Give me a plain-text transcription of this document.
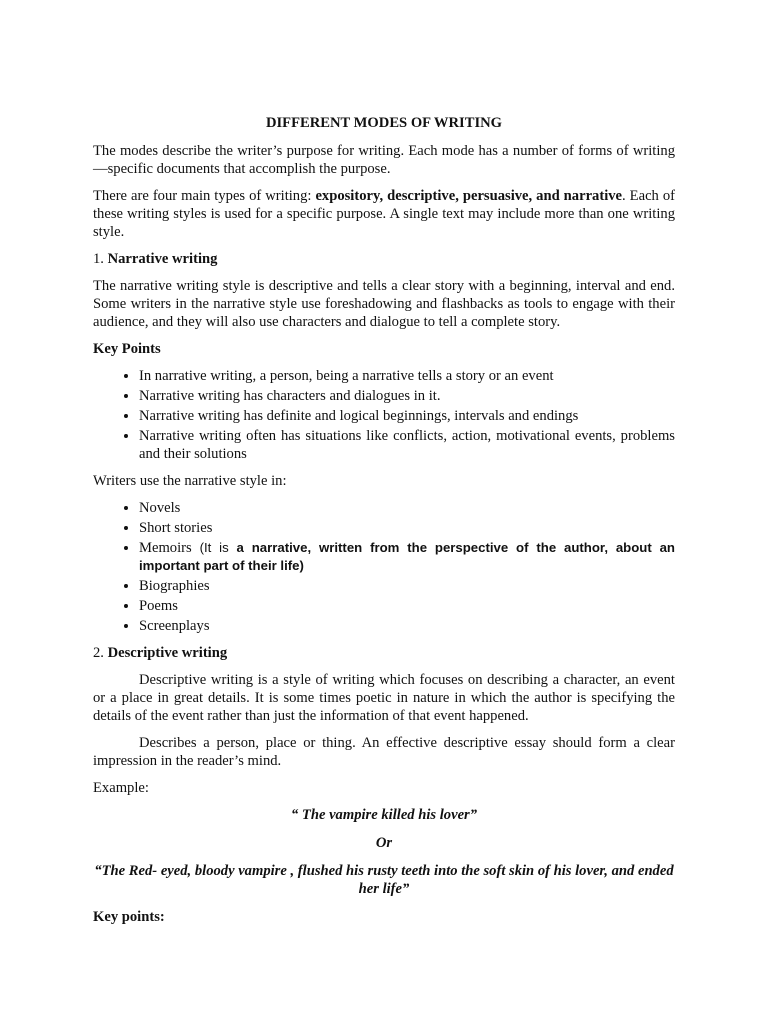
DIFFERENT MODES OF WRITING

The modes describe the writer’s purpose for writing. Each mode has a number of forms of writing—specific documents that accomplish the purpose.

There are four main types of writing: expository, descriptive, persuasive, and narrative. Each of these writing styles is used for a specific purpose. A single text may include more than one writing style.

1. Narrative writing

The narrative writing style is descriptive and tells a clear story with a beginning, interval and end. Some writers in the narrative style use foreshadowing and flashbacks as tools to engage with their audience, and they will also use characters and dialogue to tell a complete story.

Key Points
• In narrative writing, a person, being a narrative tells a story or an event
• Narrative writing has characters and dialogues in it.
• Narrative writing has definite and logical beginnings, intervals and endings
• Narrative writing often has situations like conflicts, action, motivational events, problems and their solutions

Writers use the narrative style in:

• Novels
• Short stories
• Memoirs (It is a narrative, written from the perspective of the author, about an important part of their life)
• Biographies
• Poems
• Screenplays
2. Descriptive writing

Descriptive writing is a style of writing which focuses on describing a character, an event or a place in great details. It is some times poetic in nature in which the author is specifying the details of the event rather than just the information of that event happened.

Describes a person, place or thing. An effective descriptive essay should form a clear impression in the reader’s mind.

Example:

“ The vampire killed his lover”
Or
“The Red- eyed, bloody vampire , flushed his rusty teeth into the soft skin of his lover, and ended her life”
Key points:
